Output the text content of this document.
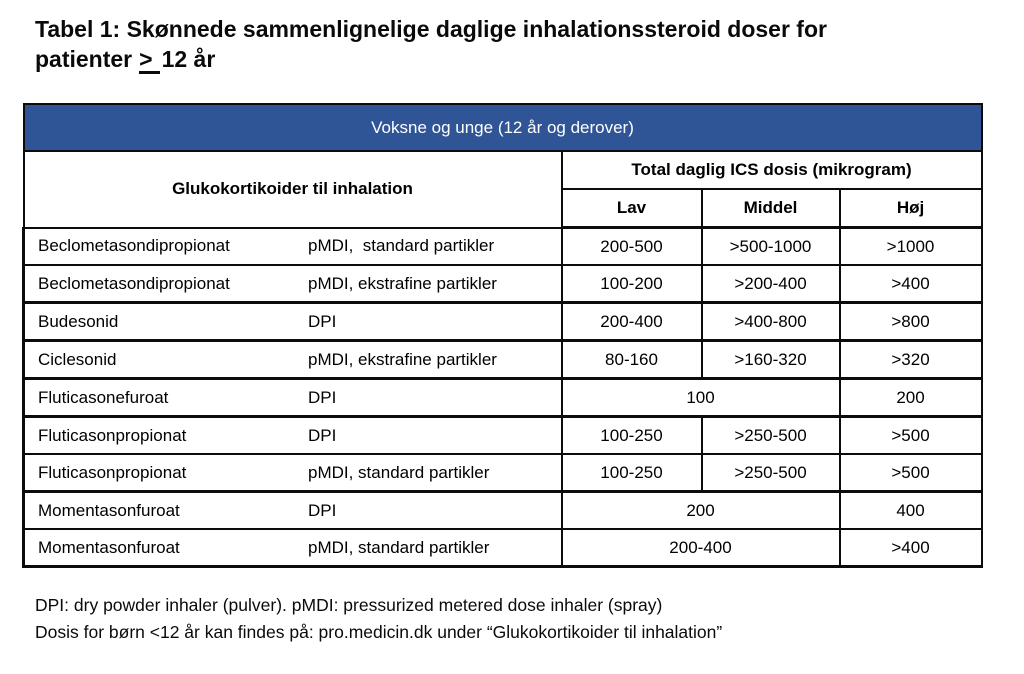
Tabel 1: Skønnede sammenlignelige daglige inhalationssteroid doser for
patienter > 12 år
Voksne og unge (12 år og derover)			
Glukokortikoider til inhalation	Total daglig ICS dosis (mikrogram)		
	Lav	Middel	Høj

Beclometasondipropionat pMDI,  standard partikler	200-500	>500-1000	>1000

Beclometasondipropionat pMDI, ekstrafine partikler	100-200	>200-400	>400

Budesonid DPI	200-400	>400-800	>800

Ciclesonid pMDI, ekstrafine partikler	80-160	>160-320	>320

Fluticasonefuroat DPI	100		200

Fluticasonpropionat DPI	100-250	>250-500	>500

Fluticasonpropionat pMDI, standard partikler	100-250	>250-500	>500

Momentasonfuroat DPI	200		400

Momentasonfuroat pMDI, standard partikler	200-400		>400
DPI: dry powder inhaler (pulver). pMDI: pressurized metered dose inhaler (spray)
Dosis for børn <12 år kan findes på: pro.medicin.dk under “Glukokortikoider til inhalation”
